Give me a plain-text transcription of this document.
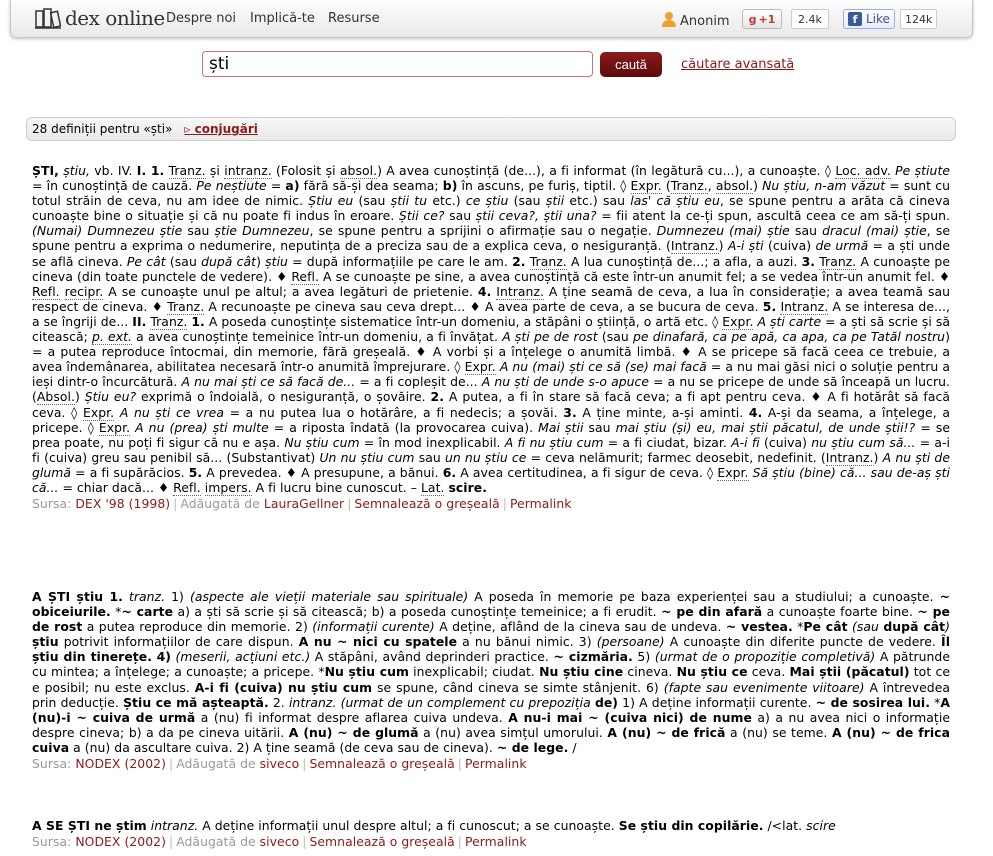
dex online Despre noi Implică-te Resurse	Anonim g +1	2.4k	f Like	124k
ști
caută	căutare avansată
28 definiții pentru «ști» ▹ conjugări

ȘTI, știu, vb. IV. I. 1. Tranz. și intranz. (Folosit și absol.) A avea cunoștință (de...), a fi informat (în legătură cu...), a cunoaște. ◊ Loc. adv. Pe știute = în cunoștință de cauză. Pe neștiute = a) fără să-și dea seama; b) în ascuns, pe furiș, tiptil. ◊ Expr. (Tranz., absol.) Nu știu, n-am văzut = sunt cu totul străin de ceva, nu am idee de nimic. Știu eu (sau știi tu etc.) ce știu (sau știi etc.) sau las' că știu eu, se spune pentru a arăta că cineva cunoaște bine o situație și că nu poate fi indus în eroare. Știi ce? sau știi ceva?, știi una? = fii atent la ce-ți spun, ascultă ceea ce am să-ți spun. (Numai) Dumnezeu știe sau știe Dumnezeu, se spune pentru a sprijini o afirmație sau o negație. Dumnezeu (mai) știe sau dracul (mai) știe, se spune pentru a exprima o nedumerire, neputința de a preciza sau de a explica ceva, o nesiguranță. (Intranz.) A-i ști (cuiva) de urmă = a ști unde se află cineva. Pe cât (sau după cât) știu = după informațiile pe care le am. 2. Tranz. A lua cunoștință de...; a afla, a auzi. 3. Tranz. A cunoaște pe cineva (din toate punctele de vedere). ♦ Refl. A se cunoaște pe sine, a avea cunoștință că este într-un anumit fel; a se vedea într-un anumit fel. ♦ Refl. recipr. A se cunoaște unul pe altul; a avea legături de prietenie. 4. Intranz. A ține seamă de ceva, a lua în considerație; a avea teamă sau respect de cineva. ♦ Tranz. A recunoaște pe cineva sau ceva drept... ♦ A avea parte de ceva, a se bucura de ceva. 5. Intranz. A se interesa de..., a se îngriji de... II. Tranz. 1. A poseda cunoștințe sistematice într-un domeniu, a stăpâni o știință, o artă etc. ◊ Expr. A ști carte = a ști să scrie și să citească; p. ext. a avea cunoștințe temeinice într-un domeniu, a fi învățat. A ști pe de rost (sau pe dinafară, ca pe apă, ca apa, ca pe Tatăl nostru) = a putea reproduce întocmai, din memorie, fără greșeală. ♦ A vorbi și a înțelege o anumită limbă. ♦ A se pricepe să facă ceea ce trebuie, a avea îndemânarea, abilitatea necesară într-o anumită împrejurare. ◊ Expr. A nu (mai) ști ce să (se) mai facă = a nu mai găsi nici o soluție pentru a ieși dintr-o încurcătură. A nu mai ști ce să facă de... = a fi copleșit de... A nu ști de unde s-o apuce = a nu se pricepe de unde să înceapă un lucru. (Absol.) Știu eu? exprimă o îndoială, o nesiguranță, o șovăire. 2. A putea, a fi în stare să facă ceva; a fi apt pentru ceva. ♦ A fi hotărât să facă ceva. ◊ Expr. A nu ști ce vrea = a nu putea lua o hotărâre, a fi nedecis; a șovăi. 3. A ține minte, a-și aminti. 4. A-și da seama, a înțelege, a pricepe. ◊ Expr. A nu (prea) ști multe = a riposta îndată (la provocarea cuiva). Mai știi sau mai știu (și) eu, mai știi păcatul, de unde știi!? = se prea poate, nu poți fi sigur că nu e așa. Nu știu cum = în mod inexplicabil. A fi nu știu cum = a fi ciudat, bizar. A-i fi (cuiva) nu știu cum să... = a-i fi (cuiva) greu sau penibil să... (Substantivat) Un nu știu cum sau un nu știu ce = ceva nelămurit; farmec deosebit, nedefinit. (Intranz.) A nu ști de glumă = a fi supărăcios. 5. A prevedea. ♦ A presupune, a bănui. 6. A avea certitudinea, a fi sigur de ceva. ◊ Expr. Să știu (bine) că... sau de-aș ști că... = chiar dacă... ♦ Refl. impers. A fi lucru bine cunoscut. – Lat. scire.

Sursa: DEX '98 (1998) | Adăugată de LauraGellner | Semnalează o greșeală | Permalink

A ȘTI știu 1. tranz. 1) (aspecte ale vieții materiale sau spirituale) A poseda în memorie pe baza experienței sau a studiului; a cunoaște. ~ obiceiurile. *~ carte a) a ști să scrie și să citească; b) a poseda cunoștințe temeinice; a fi erudit. ~ pe din afară a cunoaște foarte bine. ~ pe de rost a putea reproduce din memorie. 2) (informații curente) A deține, aflând de la cineva sau de undeva. ~ vestea. *Pe cât (sau după cât) știu potrivit informațiilor de care dispun. A nu ~ nici cu spatele a nu bănui nimic. 3) (persoane) A cunoaște din diferite puncte de vedere. Îl știu din tinerețe. 4) (meserii, acțiuni etc.) A stăpâni, având deprinderi practice. ~ cizmăria. 5) (urmat de o propoziție completivă) A pătrunde cu mintea; a înțelege; a cunoaște; a pricepe. *Nu știu cum inexplicabil; ciudat. Nu știu cine cineva. Nu știu ce ceva. Mai știi (păcatul) tot ce e posibil; nu este exclus. A-i fi (cuiva) nu știu cum se spune, când cineva se simte stânjenit. 6) (fapte sau evenimente viitoare) A întrevedea prin deducție. Știu ce mă așteaptă. 2. intranz. (urmat de un complement cu prepoziția de) 1) A deține informații curente. ~ de sosirea lui. *A (nu)-i ~ cuiva de urmă a (nu) fi informat despre aflarea cuiva undeva. A nu-i mai ~ (cuiva nici) de nume a) a nu avea nici o informație despre cineva; b) a da pe cineva uitării. A (nu) ~ de glumă a (nu) avea simțul umorului. A (nu) ~ de frică a (nu) se teme. A (nu) ~ de frica cuiva a (nu) da ascultare cuiva. 2) A ține seamă (de ceva sau de cineva). ~ de lege. /

Sursa: NODEX (2002) | Adăugată de siveco | Semnalează o greșeală | Permalink

A SE ȘTI ne știm intranz. A deține informații unul despre altul; a fi cunoscut; a se cunoaște. Se știu din copilărie. /<lat. scire

Sursa: NODEX (2002) | Adăugată de siveco | Semnalează o greșeală | Permalink
